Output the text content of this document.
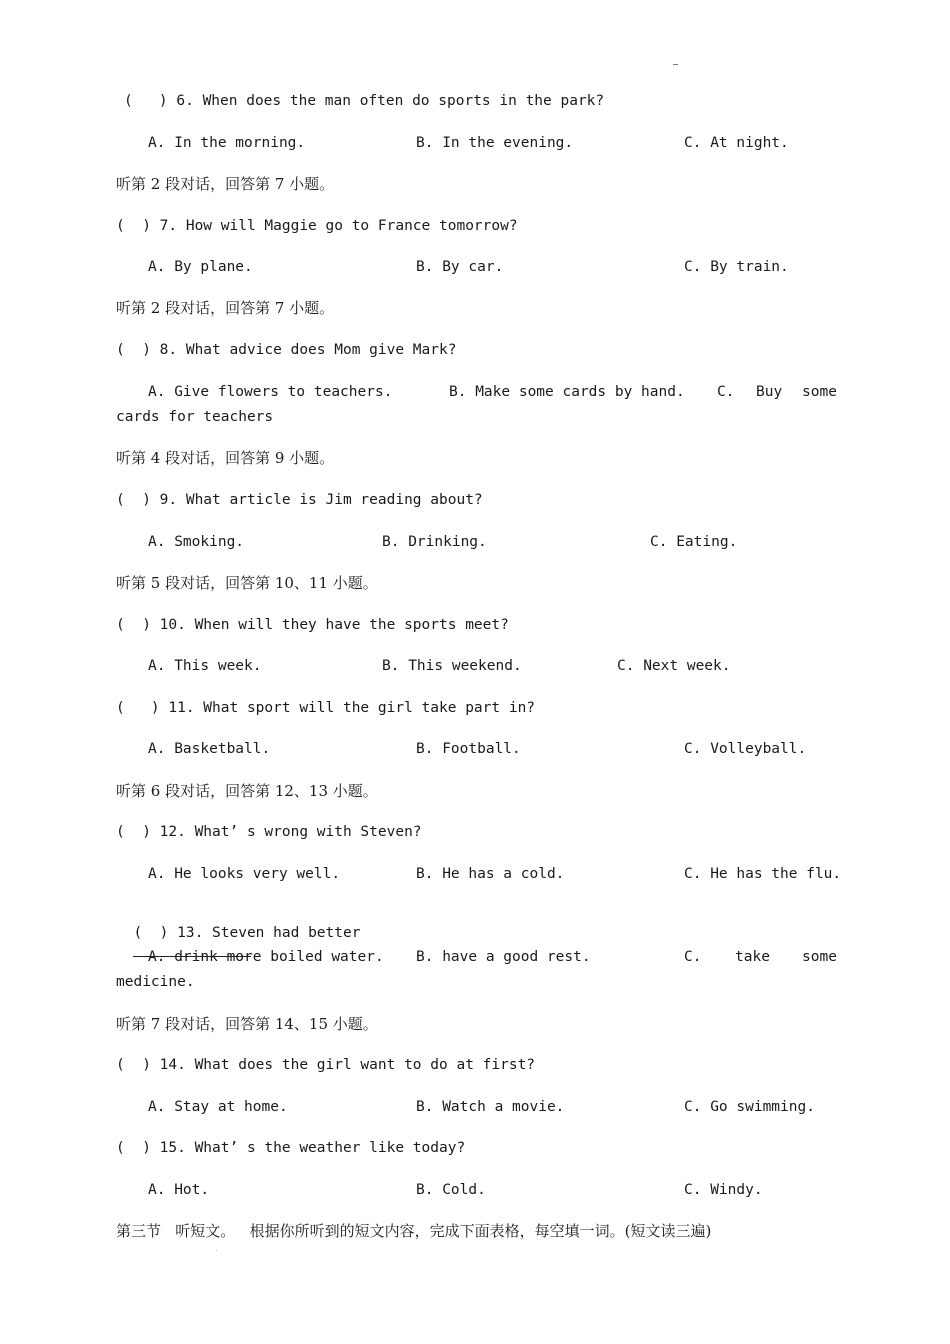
(   ) 6. When does the man often do sports in the park?
A. In the morning.	B. In the evening.	C. At night.
听第 2 段对话，回答第 7 小题。
(  ) 7. How will Maggie go to France tomorrow?
A. By plane.	B. By car.	C. By train.
听第 2 段对话，回答第 7 小题。
(  ) 8. What advice does Mom give Mark?
A. Give flowers to teachers.	B. Make some cards by hand. C. Buy some
cards for teachers
听第 4 段对话，回答第 9 小题。
(  ) 9. What article is Jim reading about?
A. Smoking.	B. Drinking.	C. Eating.
听第 5 段对话，回答第 10、11 小题。
(  ) 10. When will they have the sports meet?
A. This week.	B. This weekend.	C. Next week.
(   ) 11. What sport will the girl take part in?
A. Basketball.	B. Football.	C. Volleyball.
听第 6 段对话，回答第 12、13 小题。
(  ) 12. What’ s wrong with Steven?
A. He looks very well.	B. He has a cold.	C. He has the flu.

(  ) 13. Steven had better

A. drink more boiled water. B. have a good rest.	C. take some
medicine.
听第 7 段对话，回答第 14、15 小题。
(  ) 14. What does the girl want to do at first?
A. Stay at home.	B. Watch a movie.	C. Go swimming.
(  ) 15. What’ s the weather like today?
A. Hot.	B. Cold.	C. Windy.
第三节   听短文。   根据你所听到的短文内容，完成下面表格，每空填一词。(短文读三遍)
